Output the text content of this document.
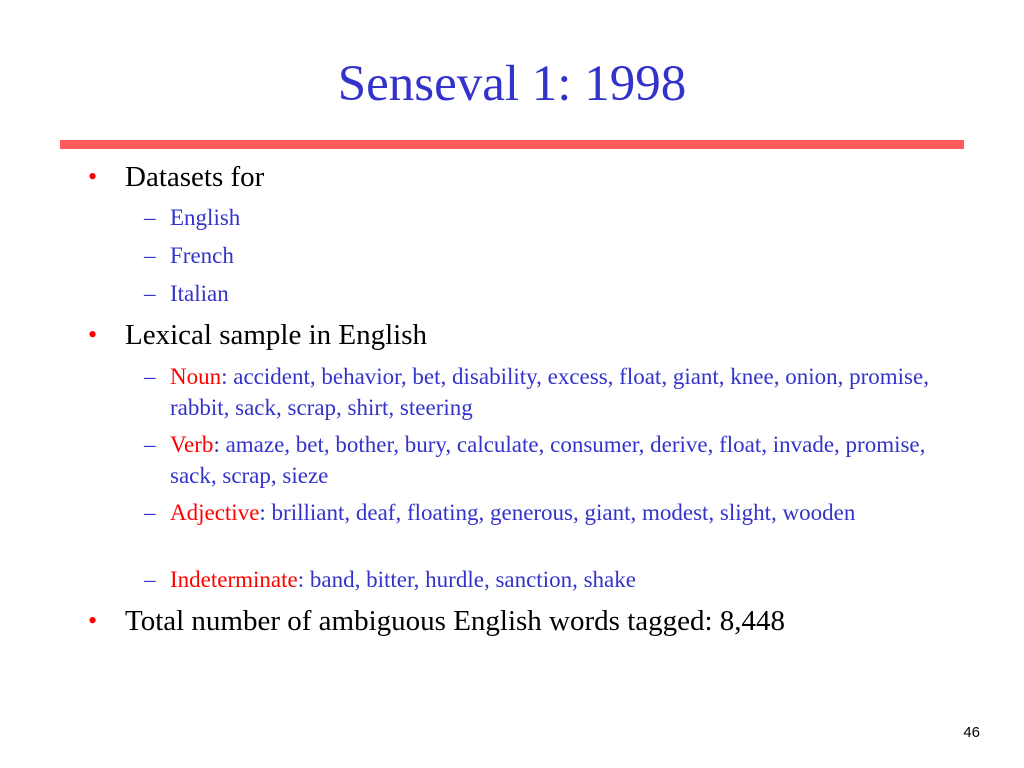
Senseval 1: 1998
• Datasets for
– English
– French
– Italian
• Lexical sample in English
– Noun: accident, behavior, bet, disability, excess, float, giant, knee, onion, promise, rabbit, sack, scrap, shirt, steering
– Verb: amaze, bet, bother, bury, calculate, consumer, derive, float, invade, promise, sack, scrap, sieze
– Adjective: brilliant, deaf, floating, generous, giant, modest, slight, wooden
– Indeterminate: band, bitter, hurdle, sanction, shake
• Total number of ambiguous English words tagged: 8,448
46
